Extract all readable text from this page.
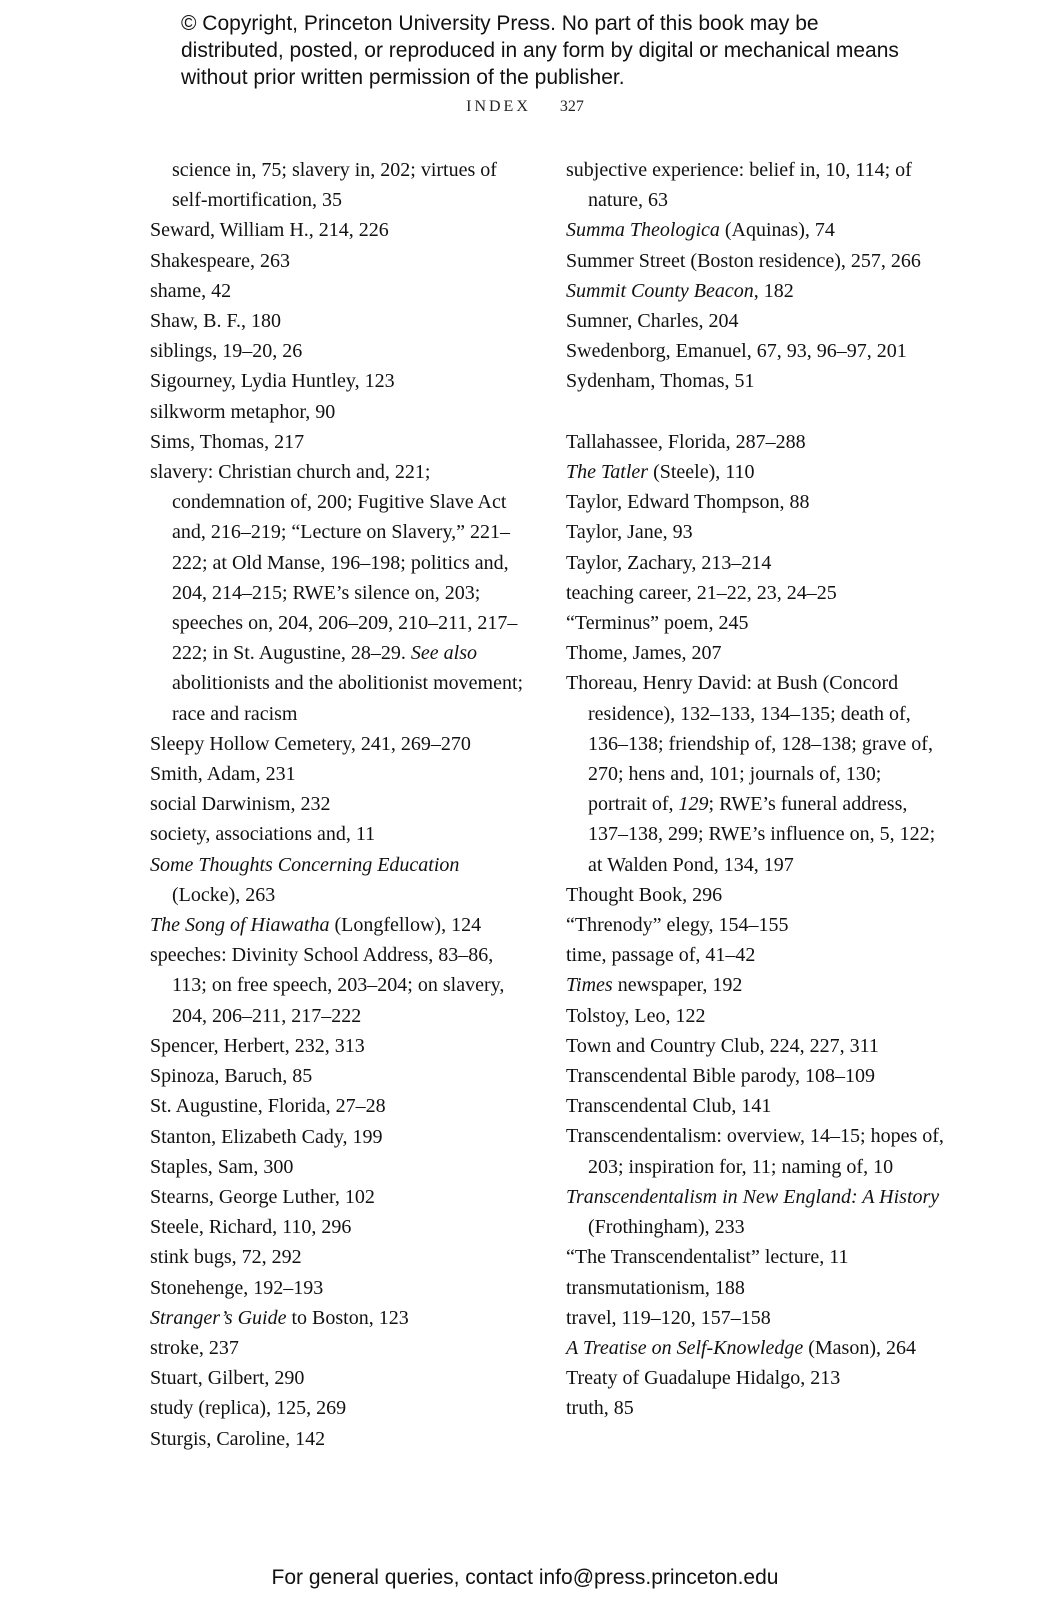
© Copyright, Princeton University Press. No part of this book may be distributed, posted, or reproduced in any form by digital or mechanical means without prior written permission of the publisher.
INDEX 327

science in, 75; slavery in, 202; virtues of self-mortification, 35

Seward, William H., 214, 226

Shakespeare, 263

shame, 42

Shaw, B. F., 180

siblings, 19–20, 26

Sigourney, Lydia Huntley, 123

silkworm metaphor, 90

Sims, Thomas, 217

slavery: Christian church and, 221; condemnation of, 200; Fugitive Slave Act and, 216–219; “Lecture on Slavery,” 221–222; at Old Manse, 196–198; politics and, 204, 214–215; RWE’s silence on, 203; speeches on, 204, 206–209, 210–211, 217–222; in St. Augustine, 28–29. See also abolitionists and the abolitionist movement; race and racism

Sleepy Hollow Cemetery, 241, 269–270

Smith, Adam, 231

social Darwinism, 232

society, associations and, 11

Some Thoughts Concerning Education (Locke), 263

The Song of Hiawatha (Longfellow), 124

speeches: Divinity School Address, 83–86, 113; on free speech, 203–204; on slavery, 204, 206–211, 217–222

Spencer, Herbert, 232, 313

Spinoza, Baruch, 85

St. Augustine, Florida, 27–28

Stanton, Elizabeth Cady, 199

Staples, Sam, 300

Stearns, George Luther, 102

Steele, Richard, 110, 296

stink bugs, 72, 292

Stonehenge, 192–193

Stranger’s Guide to Boston, 123

stroke, 237

Stuart, Gilbert, 290

study (replica), 125, 269

Sturgis, Caroline, 142

subjective experience: belief in, 10, 114; of nature, 63

Summa Theologica (Aquinas), 74

Summer Street (Boston residence), 257, 266

Summit County Beacon, 182

Sumner, Charles, 204

Swedenborg, Emanuel, 67, 93, 96–97, 201

Sydenham, Thomas, 51

Tallahassee, Florida, 287–288

The Tatler (Steele), 110

Taylor, Edward Thompson, 88

Taylor, Jane, 93

Taylor, Zachary, 213–214

teaching career, 21–22, 23, 24–25

“Terminus” poem, 245

Thome, James, 207

Thoreau, Henry David: at Bush (Concord residence), 132–133, 134–135; death of, 136–138; friendship of, 128–138; grave of, 270; hens and, 101; journals of, 130; portrait of, 129; RWE’s funeral address, 137–138, 299; RWE’s influence on, 5, 122; at Walden Pond, 134, 197

Thought Book, 296

“Threnody” elegy, 154–155

time, passage of, 41–42

Times newspaper, 192

Tolstoy, Leo, 122

Town and Country Club, 224, 227, 311

Transcendental Bible parody, 108–109

Transcendental Club, 141

Transcendentalism: overview, 14–15; hopes of, 203; inspiration for, 11; naming of, 10

Transcendentalism in New England: A History (Frothingham), 233

“The Transcendentalist” lecture, 11

transmutationism, 188

travel, 119–120, 157–158

A Treatise on Self-Knowledge (Mason), 264

Treaty of Guadalupe Hidalgo, 213

truth, 85

For general queries, contact info@press.princeton.edu
